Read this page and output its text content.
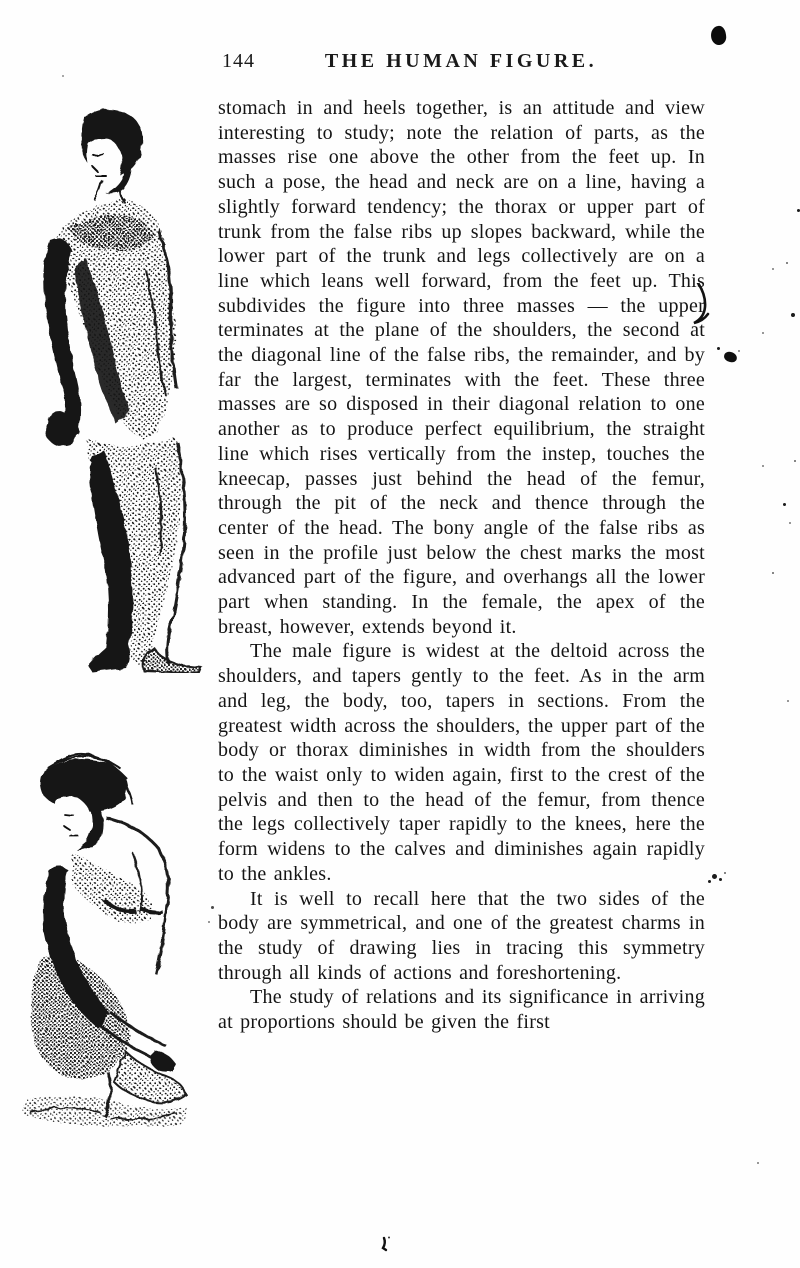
144	THE HUMAN FIGURE.

stomach in and heels together, is an attitude and view interesting to study; note the relation of parts, as the masses rise one above the other from the feet up. In such a pose, the head and neck are on a line, having a slightly forward tendency; the thorax or upper part of trunk from the false ribs up slopes backward, while the lower part of the trunk and legs collectively are on a line which leans well forward, from the feet up. This subdivides the figure into three masses — the upper terminates at the plane of the shoulders, the second at the diagonal line of the false ribs, the remainder, and by far the largest, terminates with the feet. These three masses are so disposed in their diagonal relation to one another as to produce perfect equilibrium, the straight line which rises vertically from the instep, touches the kneecap, passes just behind the head of the femur, through the pit of the neck and thence through the center of the head. The bony angle of the false ribs as seen in the profile just below the chest marks the most advanced part of the figure, and overhangs all the lower part when standing. In the female, the apex of the breast, however, extends beyond it.

The male figure is widest at the deltoid across the shoulders, and tapers gently to the feet. As in the arm and leg, the body, too, tapers in sections. From the greatest width across the shoulders, the upper part of the body or thorax diminishes in width from the shoulders to the waist only to widen again, first to the crest of the pelvis and then to the head of the femur, from thence the legs collectively taper rapidly to the knees, here the form widens to the calves and diminishes again rapidly to the ankles.

It is well to recall here that the two sides of the body are symmetrical, and one of the greatest charms in the study of drawing lies in tracing this symmetry through all kinds of actions and foreshortening.

The study of relations and its significance in arriving at proportions should be given the first
